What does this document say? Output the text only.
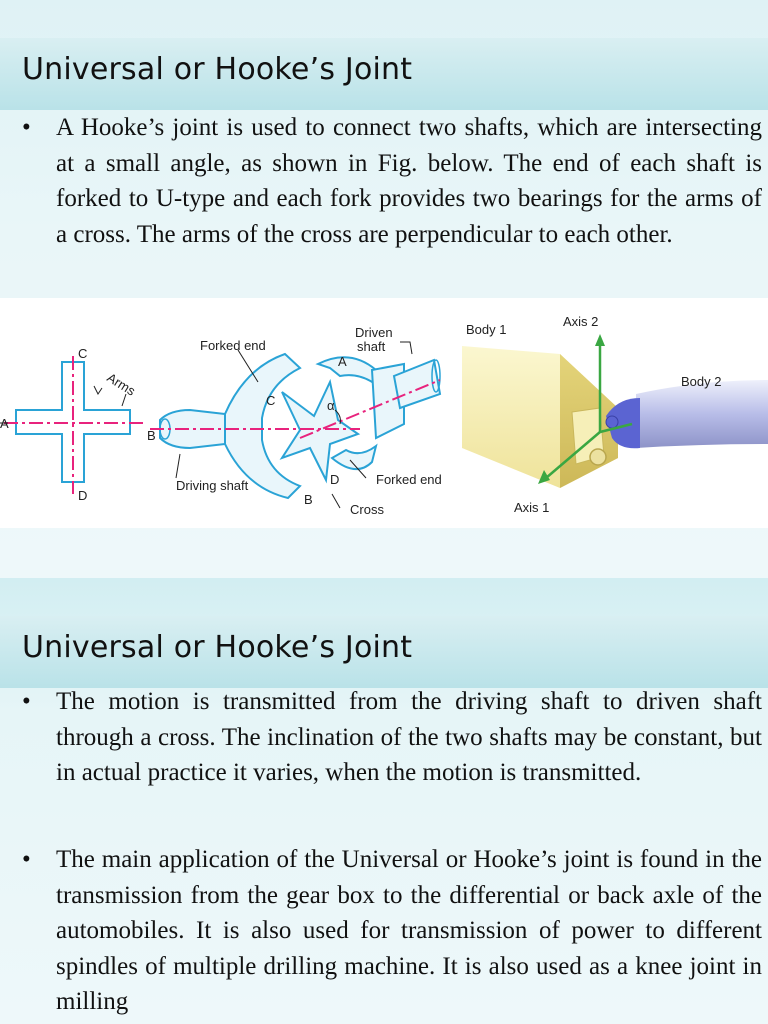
Universal or Hooke’s Joint
• A Hooke’s joint is used to connect two shafts, which are intersecting at a small angle, as shown in Fig. below. The end of each shaft is forked to U-type and each fork provides two bearings for the arms of a cross. The arms of the cross are perpendicular to each other.
C
A
B
D
Arms
Forked end
Driven
shaft
A
C	α
Driving shaft	D	Forked end
B
Cross
Body 1
Axis 2
Body 2
Axis 1
Universal or Hooke’s Joint
• The motion is transmitted from the driving shaft to driven shaft through a cross. The inclination of the two shafts may be constant, but in actual practice it varies, when the motion is transmitted.
• The main application of the Universal or Hooke’s joint is found in the transmission from the gear box to the differential or back axle of the automobiles. It is also used for transmission of power to different spindles of multiple drilling machine. It is also used as a knee joint in milling
